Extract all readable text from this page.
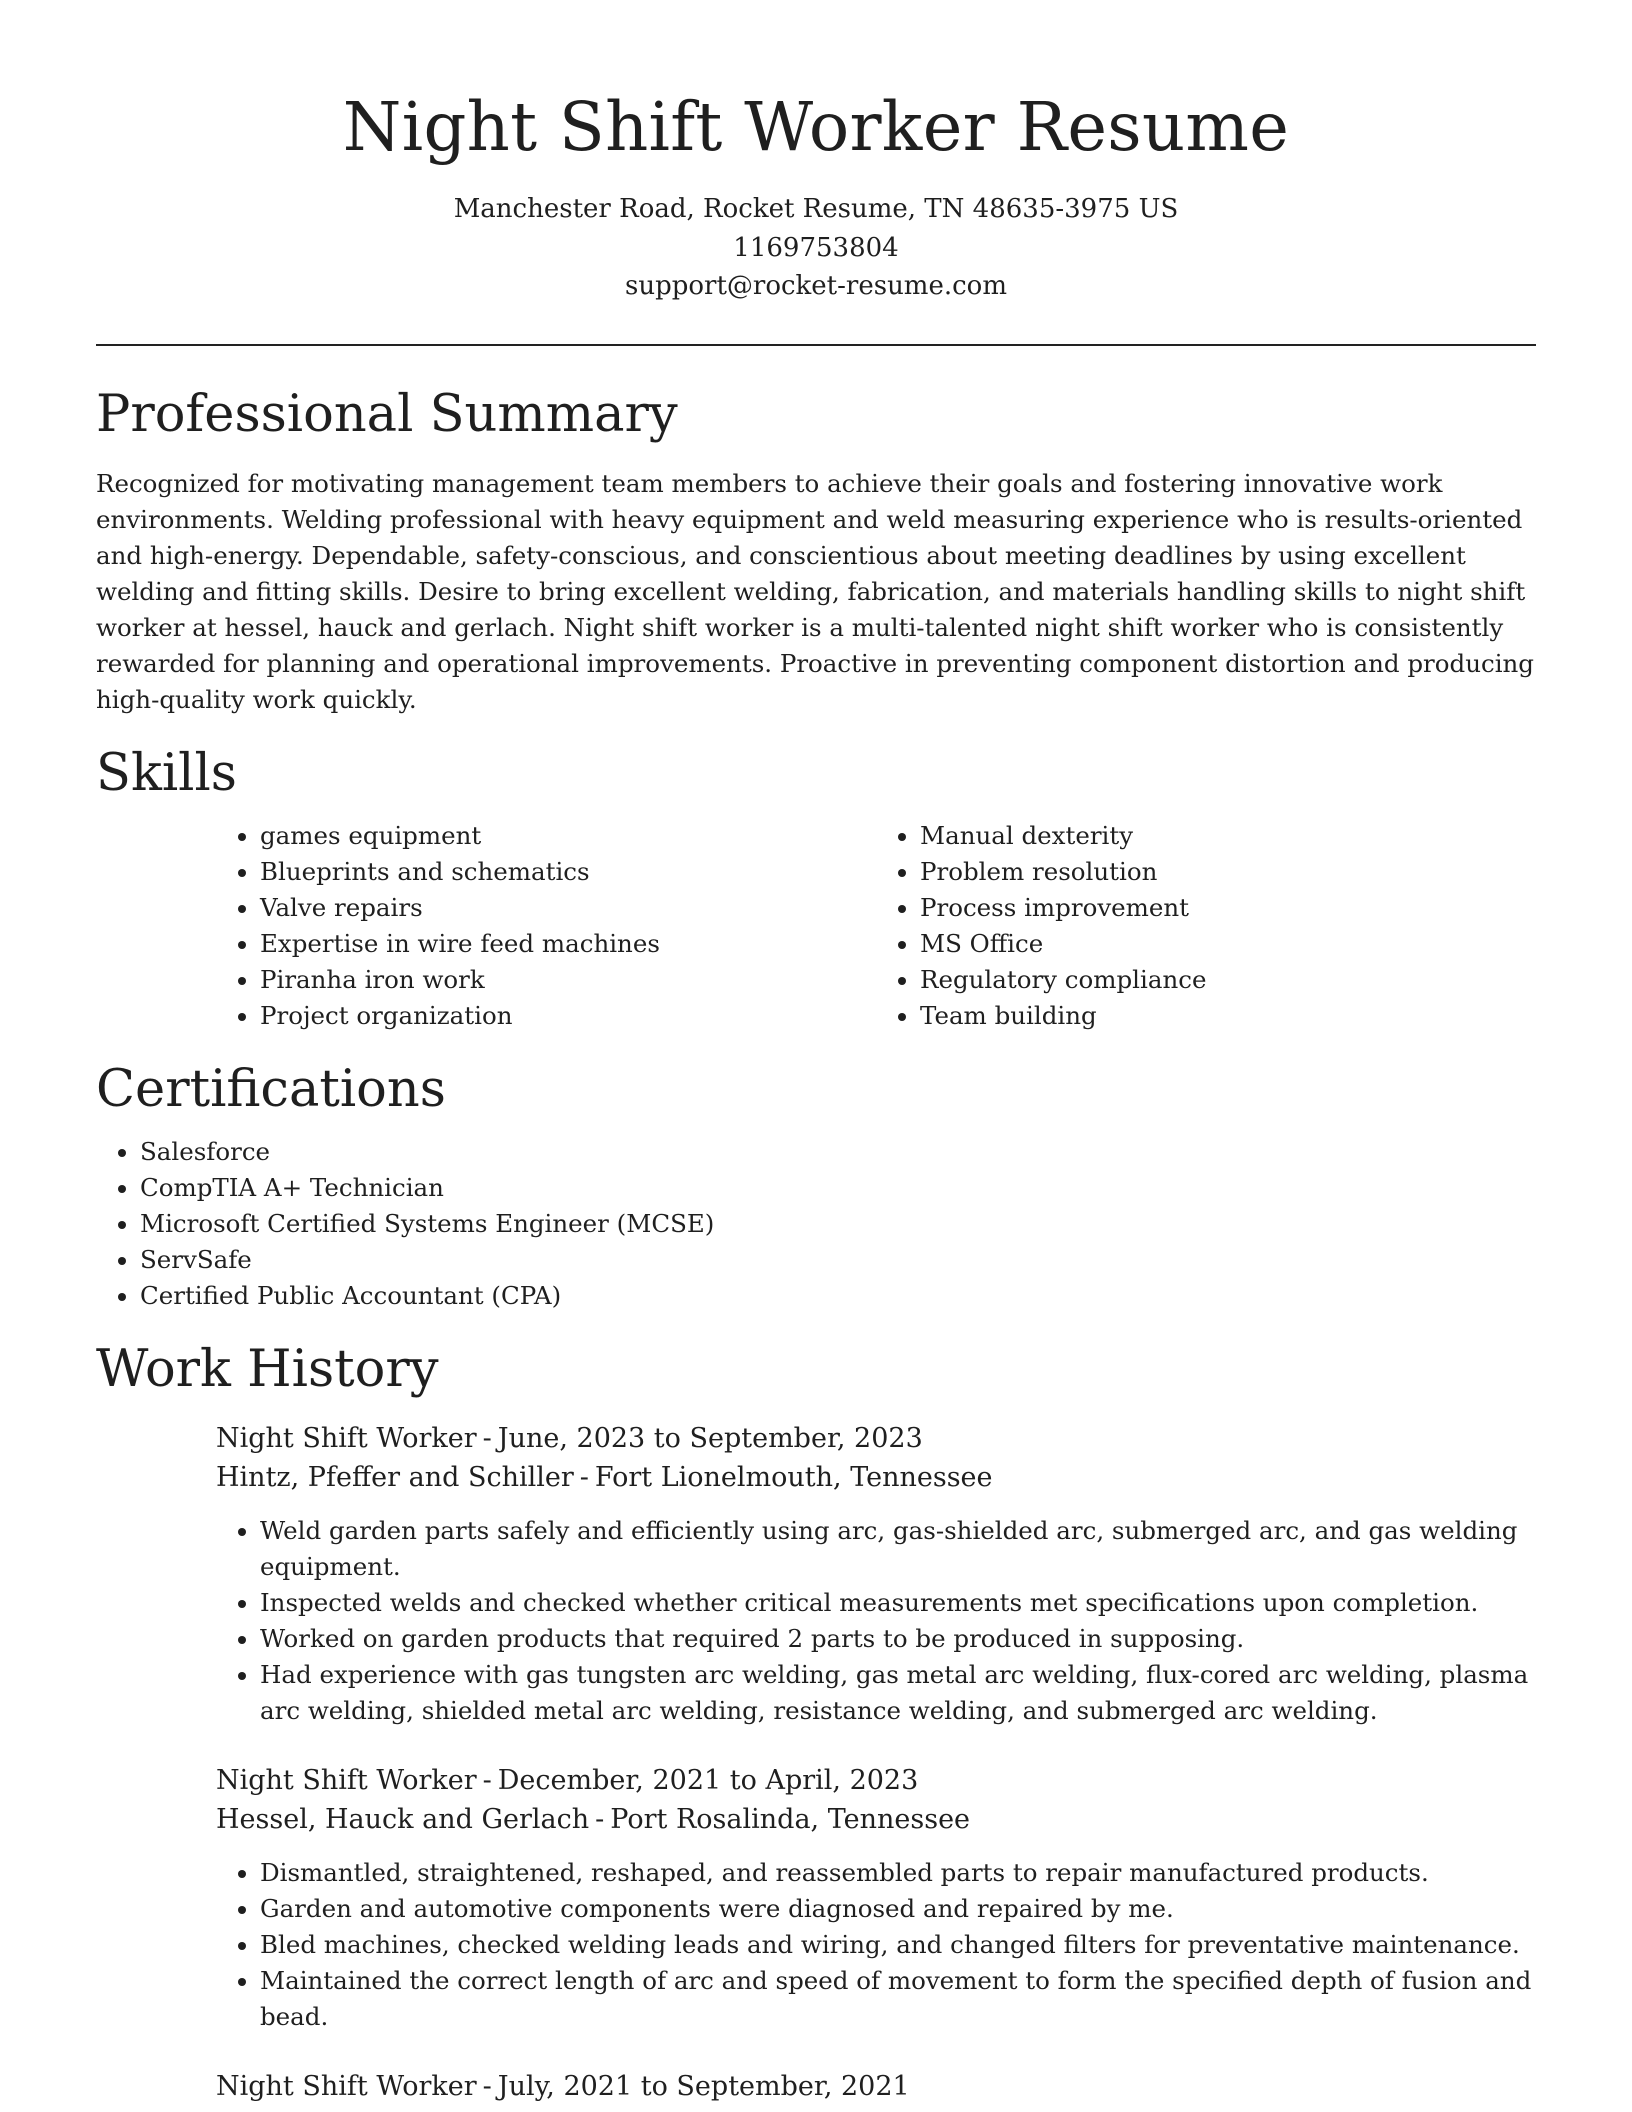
Night Shift Worker Resume
Manchester Road, Rocket Resume, TN 48635-3975 US
1169753804
support@rocket-resume.com
Professional Summary

Recognized for motivating management team members to achieve their goals and fostering innovative work environments. Welding professional with heavy equipment and weld measuring experience who is results-oriented and high-energy. Dependable, safety-conscious, and conscientious about meeting deadlines by using excellent welding and fitting skills. Desire to bring excellent welding, fabrication, and materials handling skills to night shift worker at hessel, hauck and gerlach. Night shift worker is a multi-talented night shift worker who is consistently rewarded for planning and operational improvements. Proactive in preventing component distortion and producing high-quality work quickly.

Skills
• games equipment
• Blueprints and schematics
• Valve repairs
• Expertise in wire feed machines
• Piranha iron work
• Project organization
• Manual dexterity
• Problem resolution
• Process improvement
• MS Office
• Regulatory compliance
• Team building
Certifications
• Salesforce
• CompTIA A+ Technician
• Microsoft Certified Systems Engineer (MCSE)
• ServSafe
• Certified Public Accountant (CPA)
Work History
Night Shift Worker - June, 2023 to September, 2023
Hintz, Pfeffer and Schiller - Fort Lionelmouth, Tennessee
• Weld garden parts safely and efficiently using arc, gas-shielded arc, submerged arc, and gas welding equipment.
• Inspected welds and checked whether critical measurements met specifications upon completion.
• Worked on garden products that required 2 parts to be produced in supposing.
• Had experience with gas tungsten arc welding, gas metal arc welding, flux-cored arc welding, plasma arc welding, shielded metal arc welding, resistance welding, and submerged arc welding.
Night Shift Worker - December, 2021 to April, 2023
Hessel, Hauck and Gerlach - Port Rosalinda, Tennessee
• Dismantled, straightened, reshaped, and reassembled parts to repair manufactured products.
• Garden and automotive components were diagnosed and repaired by me.
• Bled machines, checked welding leads and wiring, and changed filters for preventative maintenance.
• Maintained the correct length of arc and speed of movement to form the specified depth of fusion and bead.
Night Shift Worker - July, 2021 to September, 2021
